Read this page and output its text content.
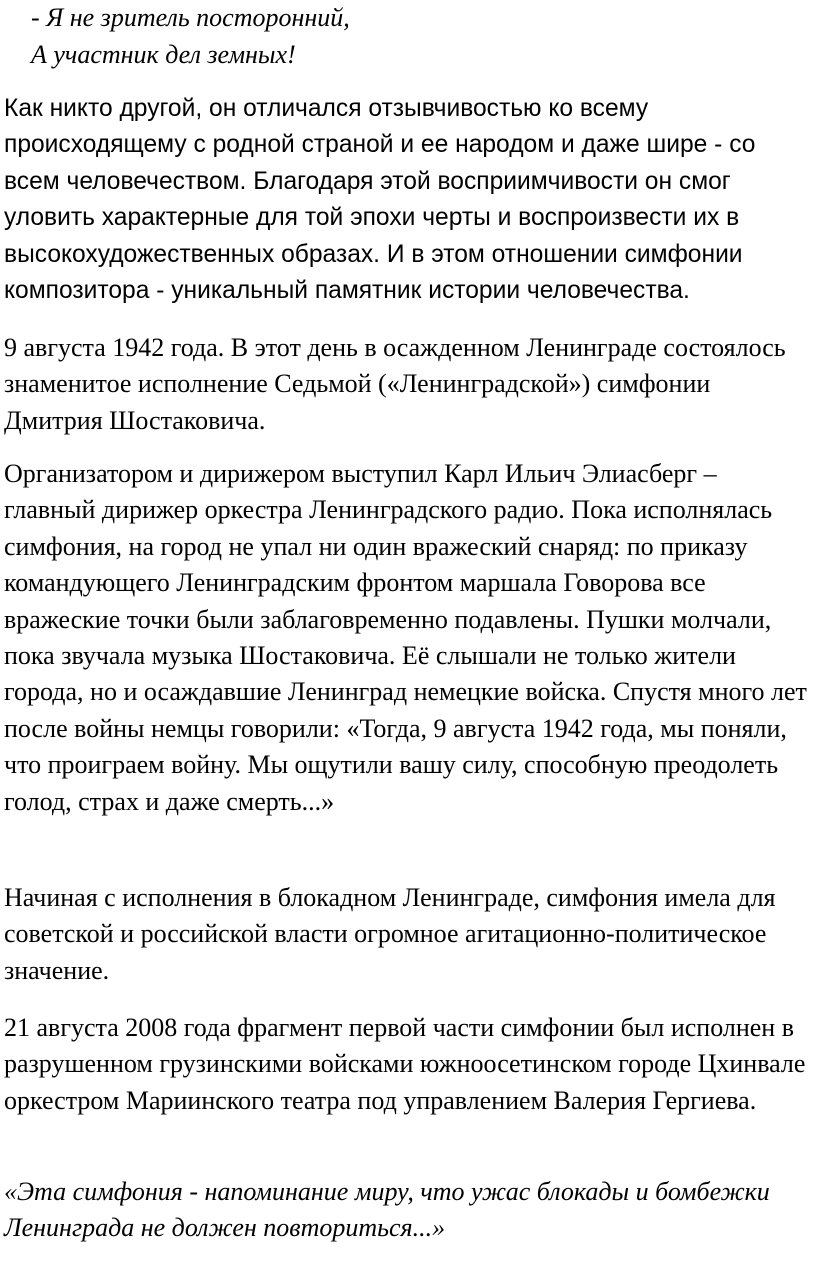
- Я не зритель посторонний,

А участник дел земных!

Как никто другой, он отличался отзывчивостью ко всему происходящему с родной страной и ее народом и даже шире - со всем человечеством. Благодаря этой восприимчивости он смог уловить характерные для той эпохи черты и воспроизвести их в высокохудожественных образах. И в этом отношении симфонии композитора - уникальный памятник истории человечества.

9 августа 1942 года. В этот день в осажденном Ленинграде состоялось знаменитое исполнение Седьмой («Ленинградской») симфонии Дмитрия Шостаковича.

Организатором и дирижером выступил Карл Ильич Элиасберг – главный дирижер оркестра Ленинградского радио. Пока исполнялась симфония, на город не упал ни один вражеский снаряд: по приказу командующего Ленинградским фронтом маршала Говорова все вражеские точки были заблаговременно подавлены. Пушки молчали, пока звучала музыка Шостаковича. Её слышали не только жители города, но и осаждавшие Ленинград немецкие войска. Спустя много лет после войны немцы говорили: «Тогда, 9 августа 1942 года, мы поняли, что проиграем войну. Мы ощутили вашу силу, способную преодолеть голод, страх и даже смерть...»

Начиная с исполнения в блокадном Ленинграде, симфония имела для советской и российской власти огромное агитационно-политическое значение.

21 августа 2008 года фрагмент первой части симфонии был исполнен в разрушенном грузинскими войсками южноосетинском городе Цхинвале оркестром Мариинского театра под управлением Валерия Гергиева.

«Эта симфония - напоминание миру, что ужас блокады и бомбежки Ленинграда не должен повториться...»
